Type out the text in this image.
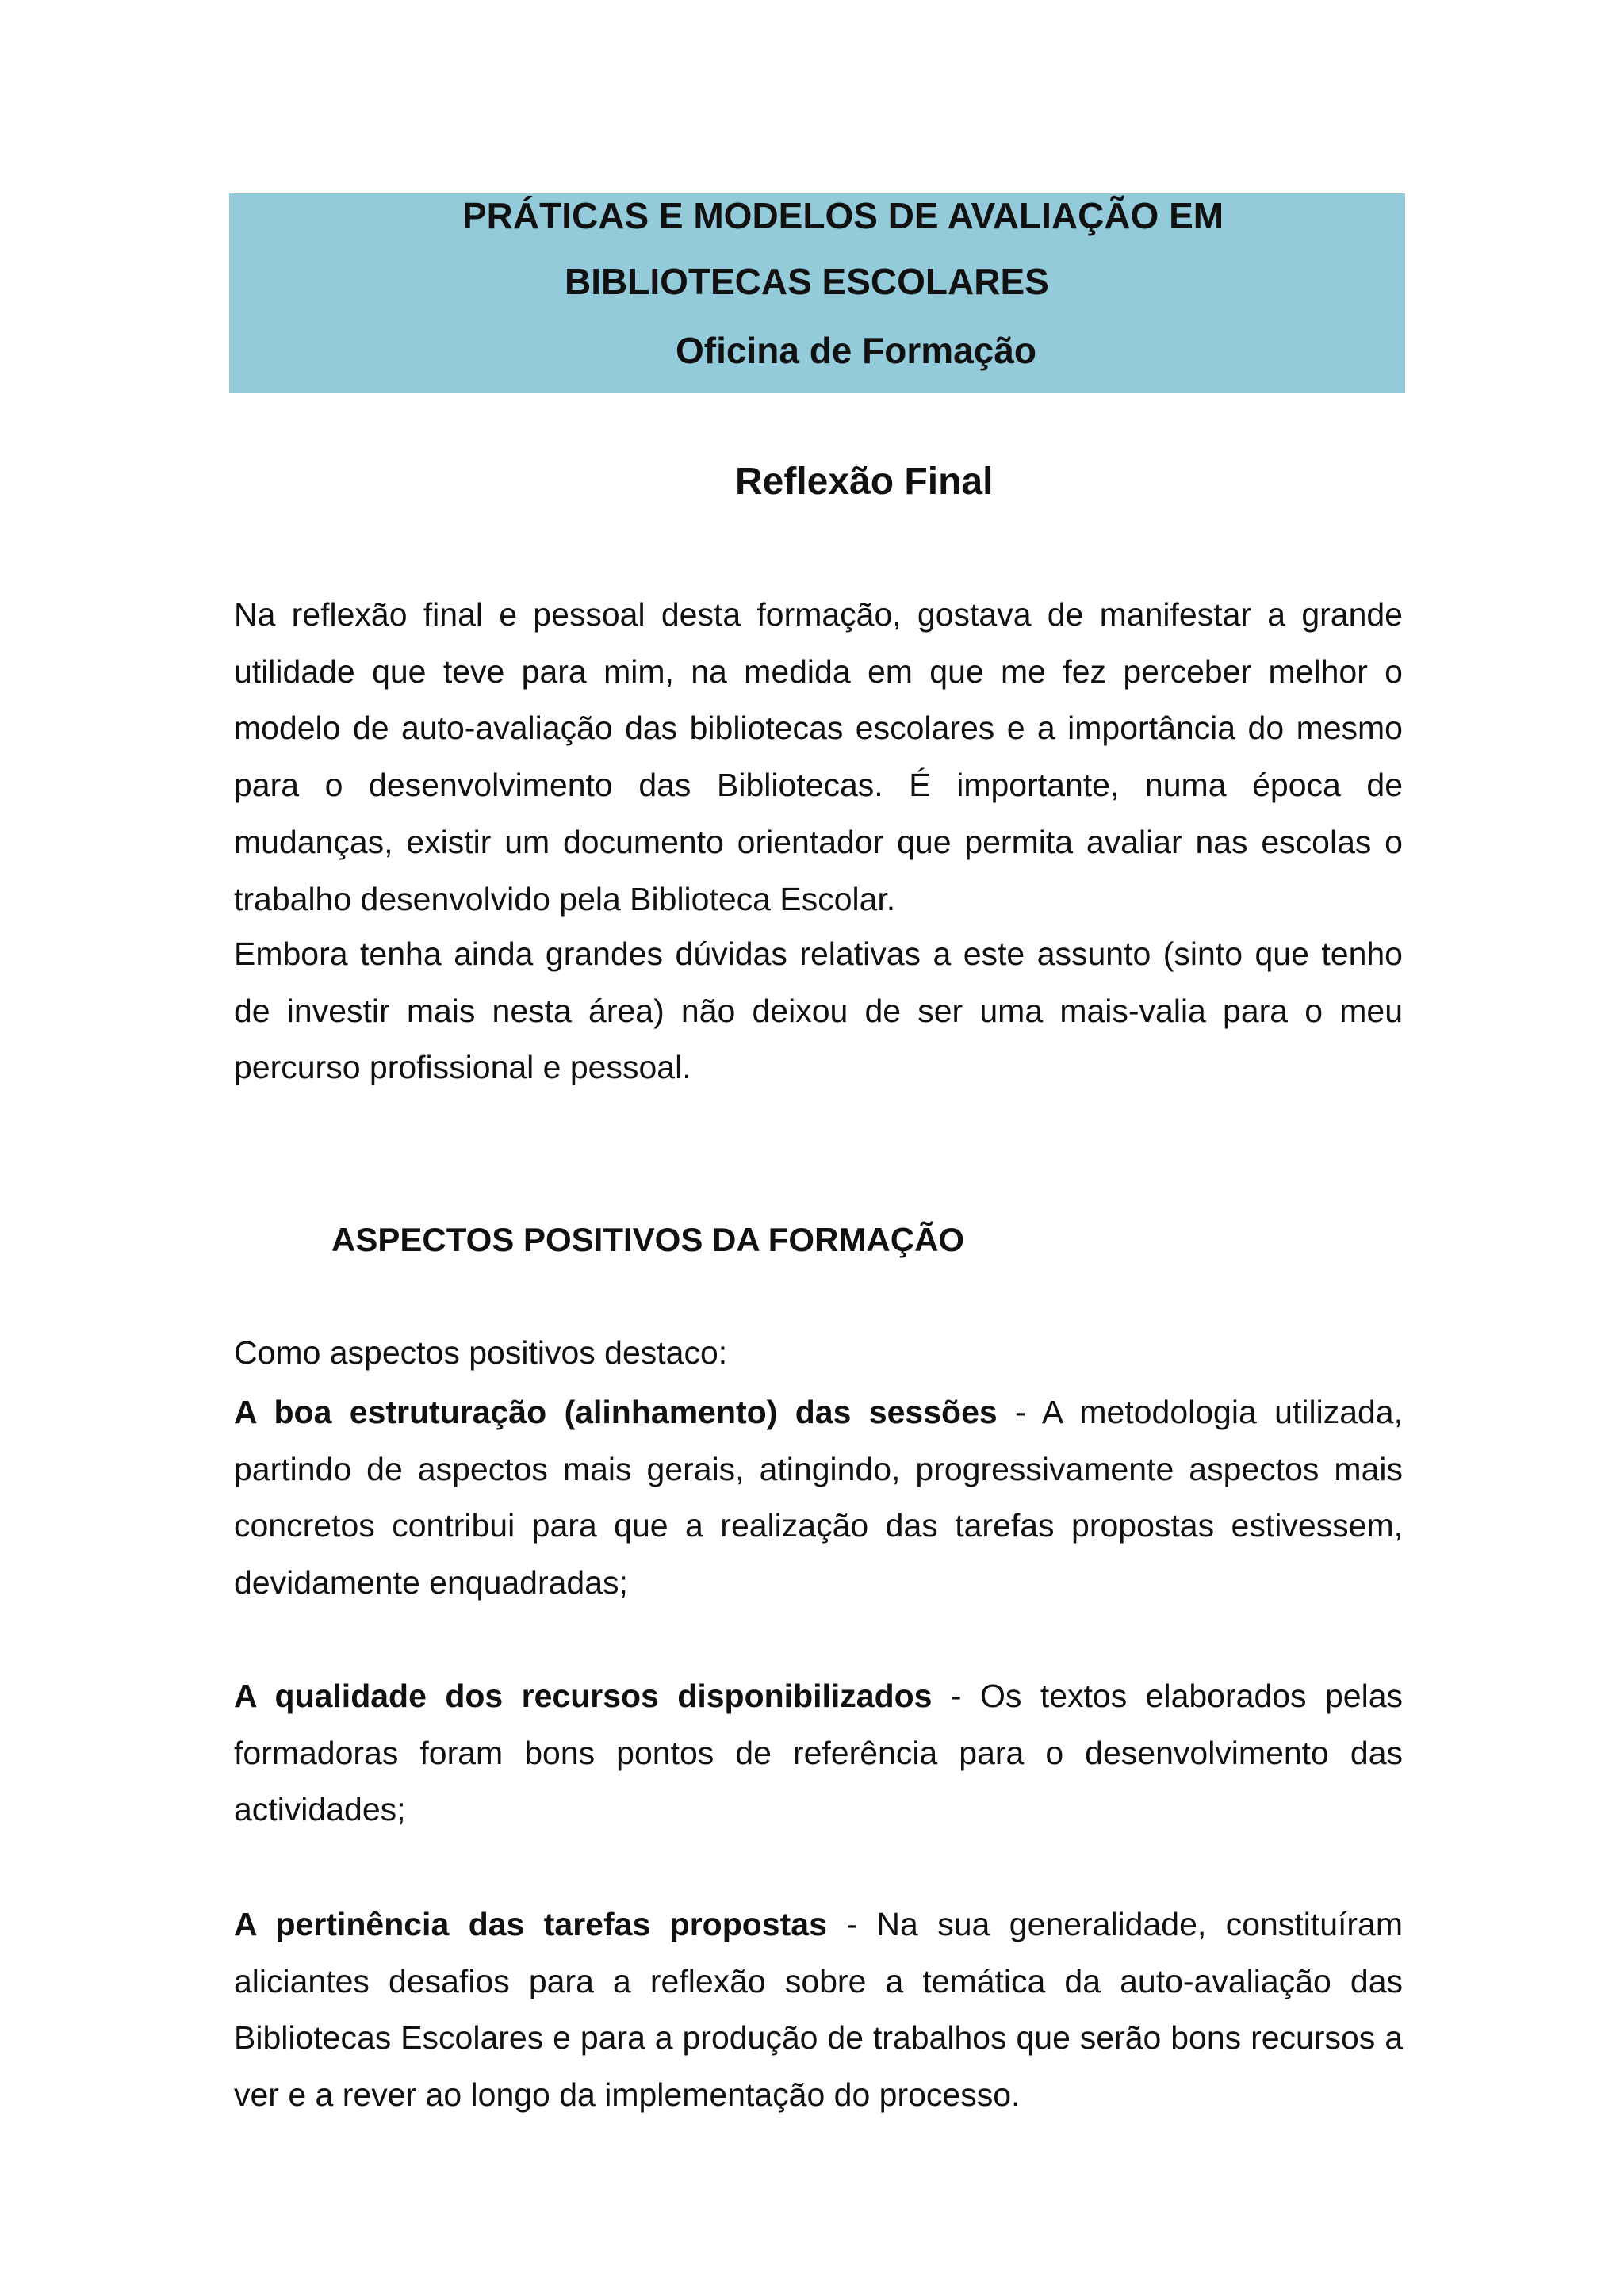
PRÁTICAS E MODELOS DE AVALIAÇÃO EM
BIBLIOTECAS ESCOLARES
Oficina de Formação
Reflexão Final
Na reflexão final e pessoal desta formação, gostava de manifestar a grande utilidade que teve para mim, na medida em que me fez perceber melhor o modelo de auto-avaliação das bibliotecas escolares e a importância do mesmo para o desenvolvimento das Bibliotecas. É importante, numa época de mudanças, existir um documento orientador que permita avaliar nas escolas o trabalho desenvolvido pela Biblioteca Escolar.
Embora tenha ainda grandes dúvidas relativas a este assunto (sinto que tenho de investir mais nesta área) não deixou de ser uma mais-valia para o meu percurso profissional e pessoal.
ASPECTOS POSITIVOS DA FORMAÇÃO
Como aspectos positivos destaco:
A boa estruturação (alinhamento) das sessões - A metodologia utilizada, partindo de aspectos mais gerais, atingindo, progressivamente aspectos mais concretos contribui para que a realização das tarefas propostas estivessem, devidamente enquadradas;
A qualidade dos recursos disponibilizados - Os textos elaborados pelas formadoras foram bons pontos de referência para o desenvolvimento das actividades;
A pertinência das tarefas propostas - Na sua generalidade, constituíram aliciantes desafios para a reflexão sobre a temática da auto-avaliação das Bibliotecas Escolares e para a produção de trabalhos que serão bons recursos a ver e a rever ao longo da implementação do processo.
